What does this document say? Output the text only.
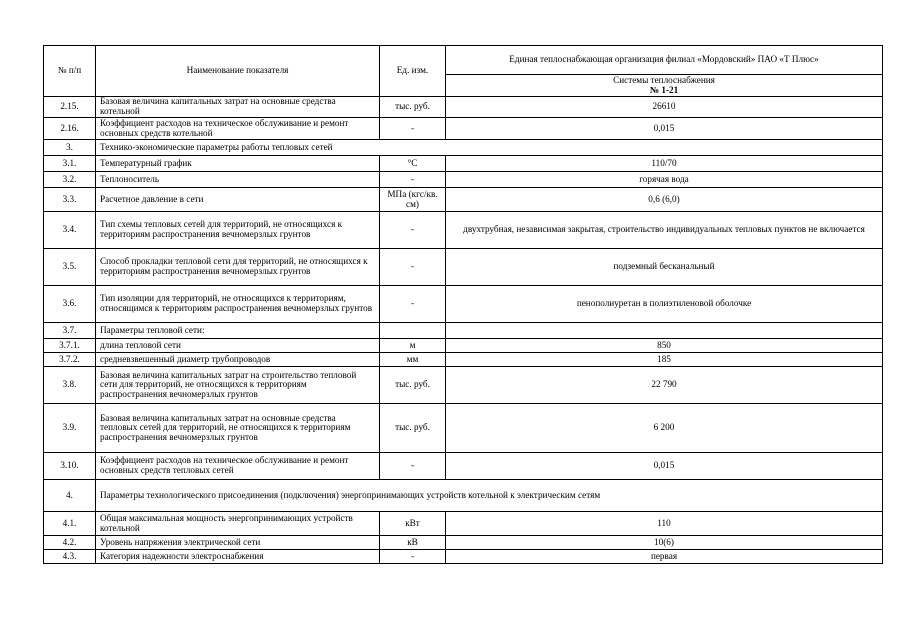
№ п/п	Наименование показателя	Ед. изм.	Единая теплоснабжающая организация филиал «Мордовский» ПАО «Т Плюс»
			Системы теплоснабжения
№ 1-21
2.15.	Базовая величина капитальных затрат на основные средства котельной	тыс. руб.	26610
2.16.	Коэффициент расходов на техническое обслуживание и ремонт основных средств котельной	-	0,015
3.	Технико-экономические параметры работы тепловых сетей		
3.1.	Температурный график	°С	110/70
3.2.	Теплоноситель	-	горячая вода
3.3.	Расчетное давление в сети	МПа (кгс/кв. см)	0,6 (6,0)
3.4.	Тип схемы тепловых сетей для территорий, не относящихся к территориям распространения вечномерзлых грунтов	-	двухтрубная, независимая закрытая, строительство индивидуальных тепловых пунктов не включается
3.5.	Способ прокладки тепловой сети для территорий, не относящихся к территориям распространения вечномерзлых грунтов	-	подземный бесканальный
3.6.	Тип изоляции для территорий, не относящихся к территориям, относящимся к территориям распространения вечномерзлых грунтов	-	пенополиуретан в полиэтиленовой оболочке
3.7.	Параметры тепловой сети:		
3.7.1.	длина тепловой сети	м	850
3.7.2.	средневзвешенный диаметр трубопроводов	мм	185
3.8.	Базовая величина капитальных затрат на строительство тепловой сети для территорий, не относящихся к территориям распространения вечномерзлых грунтов	тыс. руб.	22 790
3.9.	Базовая величина капитальных затрат на основные средства тепловых сетей для территорий, не относящихся к территориям распространения вечномерзлых грунтов	тыс. руб.	6 200
3.10.	Коэффициент расходов на техническое обслуживание и ремонт основных средств тепловых сетей	-	0,015
4.	Параметры технологического присоединения (подключения) энергопринимающих устройств котельной к электрическим сетям		
4.1.	Общая максимальная мощность энергопринимающих устройств котельной	кВт	110
4.2.	Уровень напряжения электрической сети	кВ	10(6)
4.3.	Категория надежности электроснабжения	-	первая
